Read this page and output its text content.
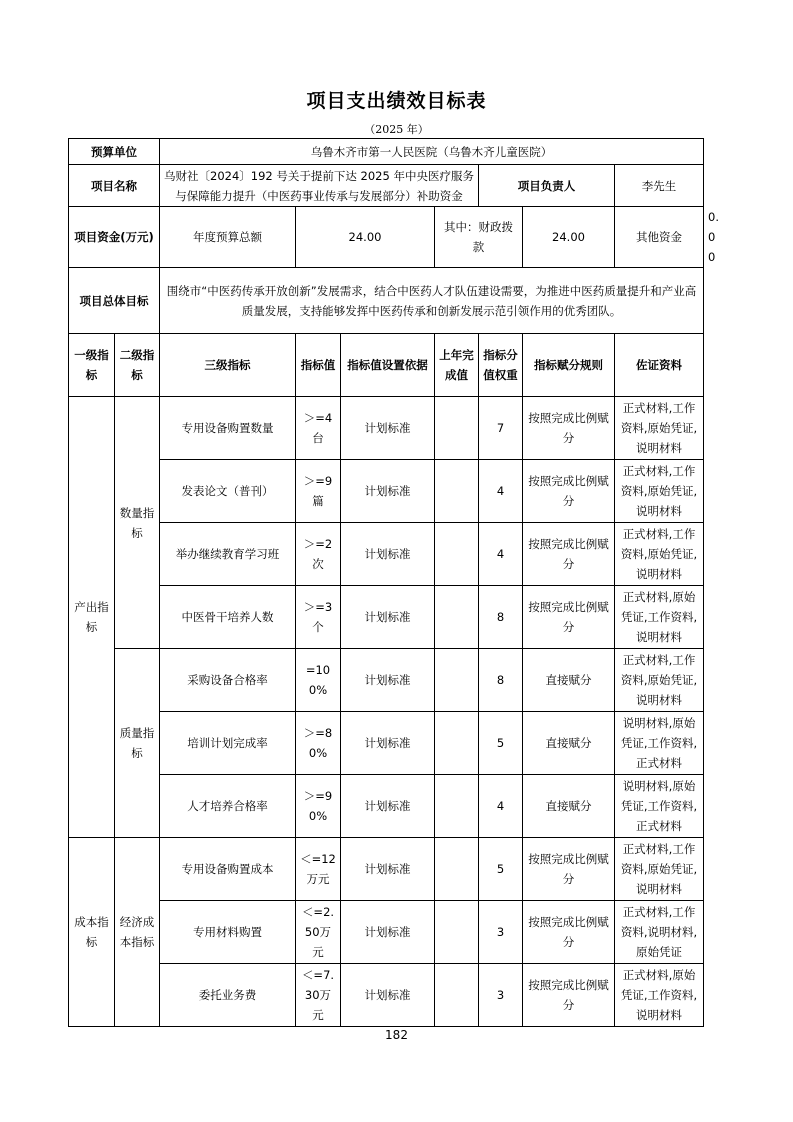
项目支出绩效目标表
（2025 年）
预算单位		乌鲁木齐市第一人民医院（乌鲁木齐儿童医院）							
项目名称		乌财社〔2024〕192 号关于提前下达 2025 年中央医疗服务与保障能力提升（中医药事业传承与发展部分）补助资金				项目负责人		李先生	
项目资金(万元)		年度预算总额	24.00		其中：财政拨款		24.00	其他资金	0.00
项目总体目标		围绕市“中医药传承开放创新”发展需求，结合中医药人才队伍建设需要，为推进中医药质量提升和产业高质量发展，支持能够发挥中医药传承和创新发展示范引领作用的优秀团队。							
一级指标	二级指标	三级指标	指标值	指标值设置依据	上年完成值	指标分值权重	指标赋分规则	佐证资料	
产出指标	数量指标	专用设备购置数量	＞=4台	计划标准		7	按照完成比例赋分	正式材料,工作资料,原始凭证,说明材料	
		发表论文（普刊）	＞=9篇	计划标准		4	按照完成比例赋分	正式材料,工作资料,原始凭证,说明材料	
		举办继续教育学习班	＞=2次	计划标准		4	按照完成比例赋分	正式材料,工作资料,原始凭证,说明材料	
		中医骨干培养人数	＞=3个	计划标准		8	按照完成比例赋分	正式材料,原始凭证,工作资料,说明材料	
	质量指标	采购设备合格率	=100%	计划标准		8	直接赋分	正式材料,工作资料,原始凭证,说明材料	
		培训计划完成率	＞=80%	计划标准		5	直接赋分	说明材料,原始凭证,工作资料,正式材料	
		人才培养合格率	＞=90%	计划标准		4	直接赋分	说明材料,原始凭证,工作资料,正式材料	
成本指标	经济成本指标	专用设备购置成本	＜=12万元	计划标准		5	按照完成比例赋分	正式材料,工作资料,原始凭证,说明材料	
		专用材料购置	＜=2.50万元	计划标准		3	按照完成比例赋分	正式材料,工作资料,说明材料,原始凭证	
		委托业务费	＜=7.30万元	计划标准		3	按照完成比例赋分	正式材料,原始凭证,工作资料,说明材料	
182
